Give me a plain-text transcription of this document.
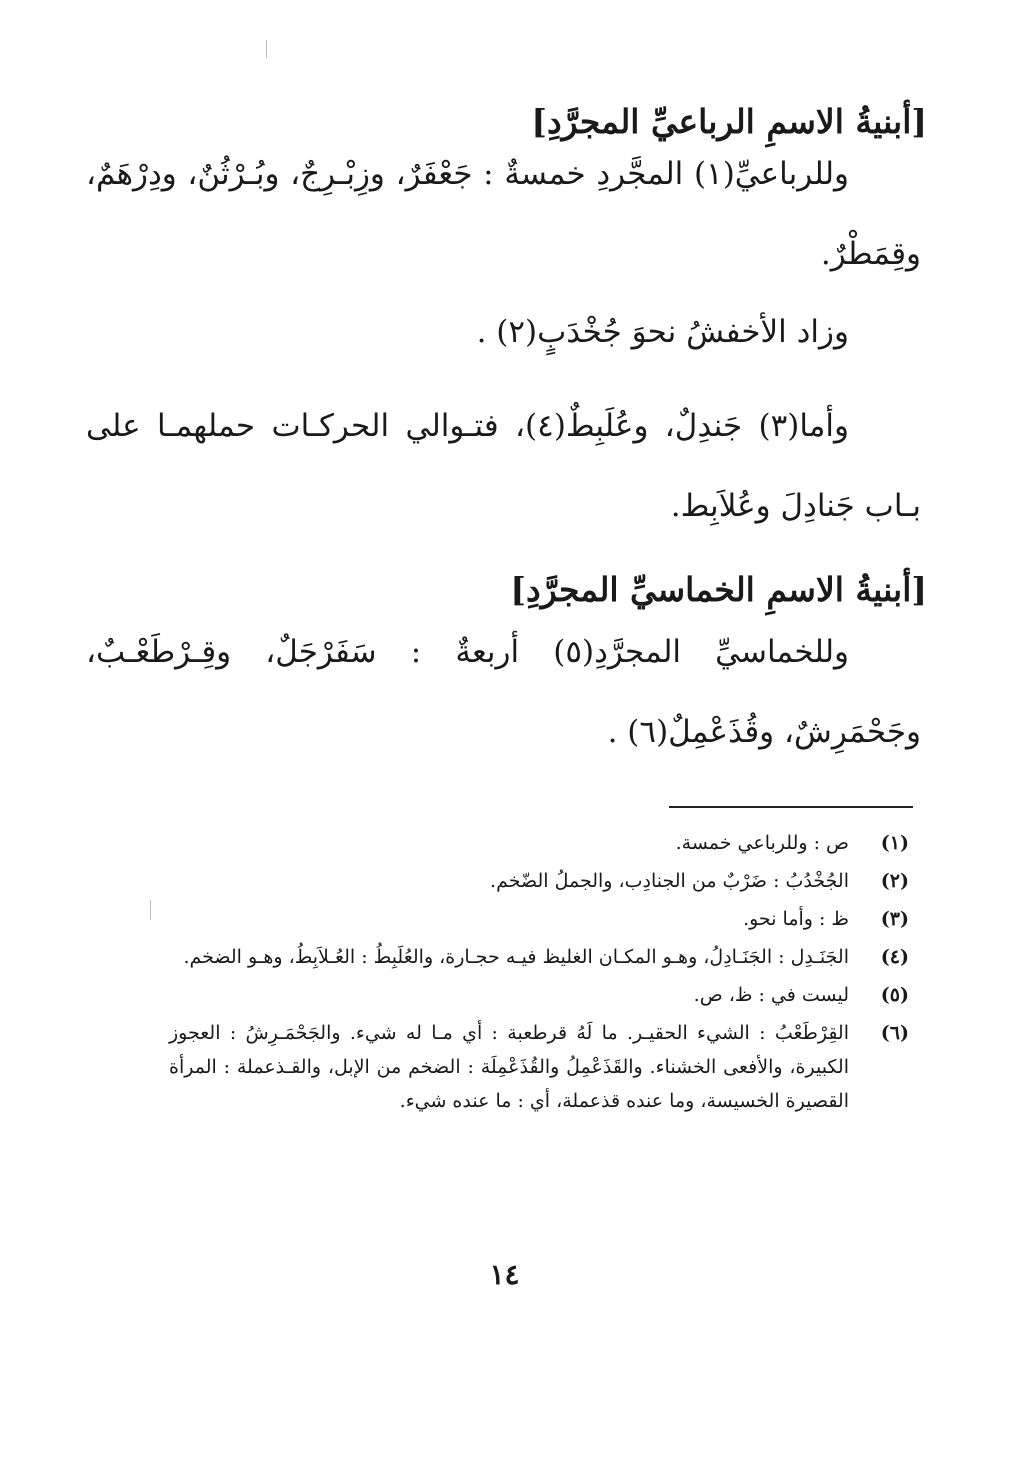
[أبنيةُ الاسمِ الرباعيِّ المجرَّدِ]

وللرباعيِّ(١) المجَّردِ خمسةٌ : جَعْفَرٌ، وزِبْـرِجٌ، وبُـرْثُنٌ، ودِرْهَمٌ، وقِمَطْرٌ.

وزاد الأخفشُ نحوَ جُخْدَبٍ(٢) .

وأما(٣) جَندِلٌ، وعُلَبِطٌ(٤)، فتـوالي الحركـات حملهمـا على بـاب جَنادِلَ وعُلاَبِط.

[أبنيةُ الاسمِ الخماسيِّ المجرَّدِ]

وللخماسيِّ المجرَّدِ(٥) أربعةٌ : سَفَرْجَلٌ، وقِـرْطَعْـبٌ، وجَحْمَرِشٌ، وقُذَعْمِلٌ(٦) .

(١)
ص : وللرباعي خمسة.
(٢)
الجُخْدُبُ : ضَرْبٌ من الجنادِب، والجملُ الضّخم.
(٣)
ظ : وأما نحو.
(٤)
الجَنَـدِل : الجَنَـادِلُ، وهـو المكـان الغليظ فيـه حجـارة، والعُلَبِطُ : العُـلاَبِطُ، وهـو الضخم.
(٥)
ليست في : ظ، ص.
(٦)
القِرْطَعْبُ : الشيء الحقيـر. ما لَهُ قرطعبة : أي مـا له شيء. والجَحْمَـرِشُ : العجوز الكبيرة، والأفعى الخشناء. والقَذَعْمِلُ والقُذَعْمِلَة : الضخم من الإبل، والقـذعملة : المرأة القصيرة الخسيسة، وما عنده قذعملة، أي : ما عنده شيء.
١٤
